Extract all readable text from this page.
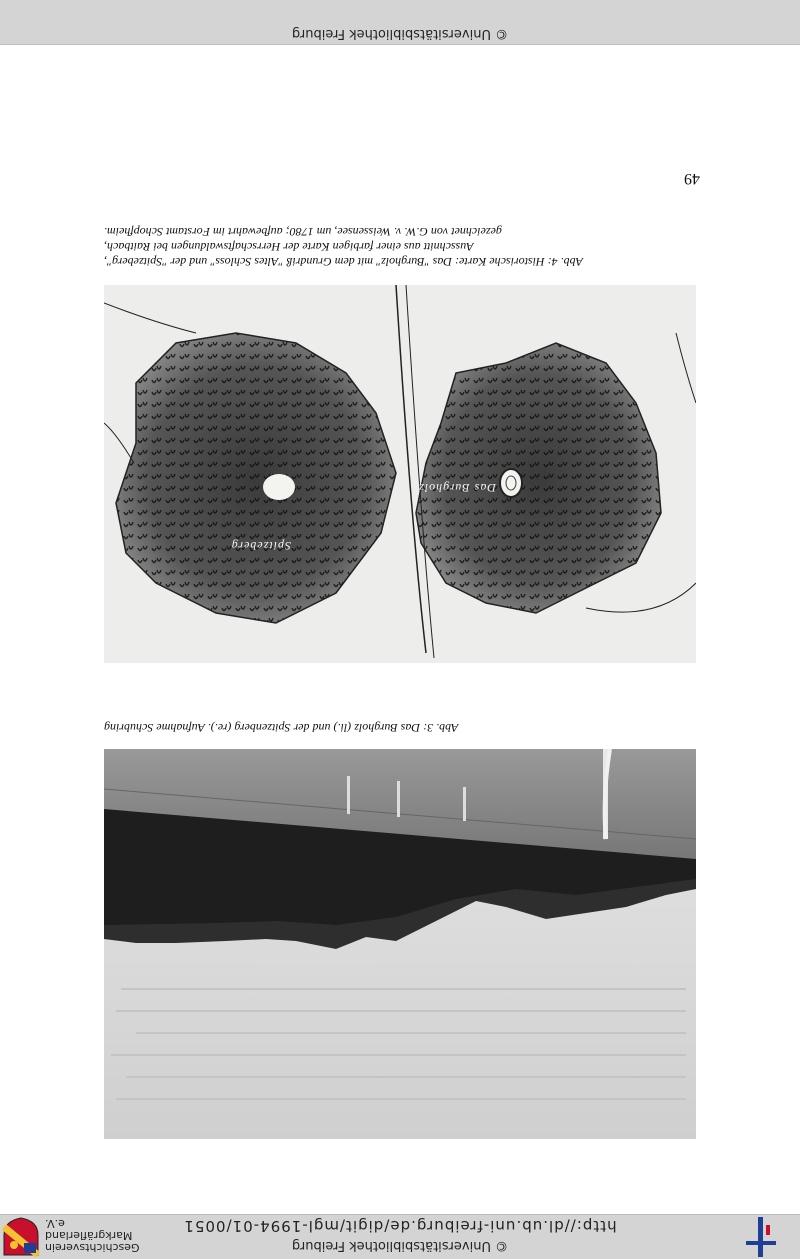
© Universitätsbibliothek Freiburg
http://dl.ub.uni-freiburg.de/digit/mgl-1994-01/0051
Geschichtsverein
Markgräflerland e.V.
Abb. 3: Das Burgholz (li.) und der Spitzenberg (re.). Aufnahme Schubring
Das Burgholz
Spitzeberg
Abb. 4: Historische Karte: Das "Burgholz" mit dem Grundriß "Altes Schloss" und der "Spitzeberg",
Ausschnitt aus einer farbigen Karte der Herrschaftswaldungen bei Raitbach,
gezeichnet von G.W. v. Weissensee, um 1780; aufbewahrt im Forstamt Schopfheim.
49
© Universitätsbibliothek Freiburg
